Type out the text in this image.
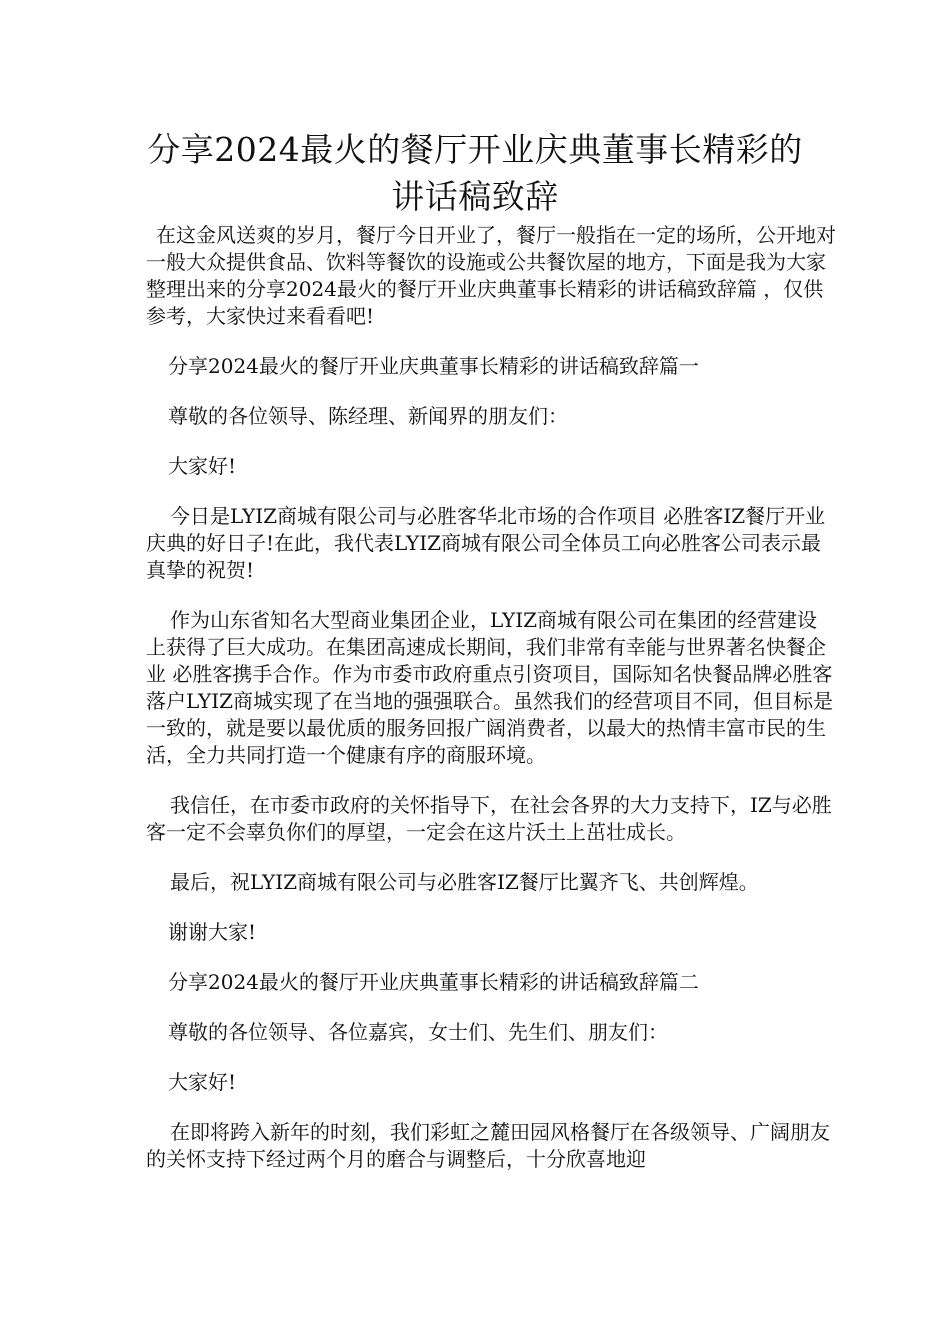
分享2024最火的餐厅开业庆典董事长精彩的讲话稿致辞

在这金风送爽的岁月，餐厅今日开业了，餐厅一般指在一定的场所，公开地对一般大众提供食品、饮料等餐饮的设施或公共餐饮屋的地方，下面是我为大家整理出来的分享2024最火的餐厅开业庆典董事长精彩的讲话稿致辞篇 ，仅供参考，大家快过来看看吧!

分享2024最火的餐厅开业庆典董事长精彩的讲话稿致辞篇一

尊敬的各位领导、陈经理、新闻界的朋友们：

大家好!

今日是LYIZ商城有限公司与必胜客华北市场的合作项目 必胜客IZ餐厅开业庆典的好日子!在此，我代表LYIZ商城有限公司全体员工向必胜客公司表示最真挚的祝贺!

作为山东省知名大型商业集团企业，LYIZ商城有限公司在集团的经营建设上获得了巨大成功。在集团高速成长期间，我们非常有幸能与世界著名快餐企业 必胜客携手合作。作为市委市政府重点引资项目，国际知名快餐品牌必胜客落户LYIZ商城实现了在当地的强强联合。虽然我们的经营项目不同，但目标是一致的，就是要以最优质的服务回报广阔消费者，以最大的热情丰富市民的生活，全力共同打造一个健康有序的商服环境。

我信任，在市委市政府的关怀指导下，在社会各界的大力支持下，IZ与必胜客一定不会辜负你们的厚望，一定会在这片沃土上茁壮成长。

最后，祝LYIZ商城有限公司与必胜客IZ餐厅比翼齐飞、共创辉煌。

谢谢大家!

分享2024最火的餐厅开业庆典董事长精彩的讲话稿致辞篇二

尊敬的各位领导、各位嘉宾，女士们、先生们、朋友们：

大家好!

在即将跨入新年的时刻，我们彩虹之麓田园风格餐厅在各级领导、广阔朋友的关怀支持下经过两个月的磨合与调整后，十分欣喜地迎
